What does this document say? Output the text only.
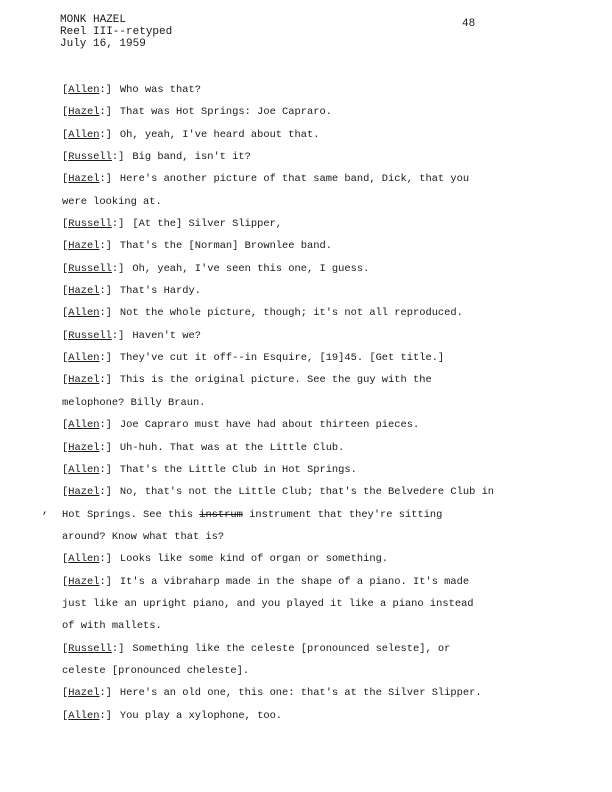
MONK HAZEL
Reel III--retyped
July 16, 1959
48
,
[Allen:] Who was that?
[Hazel:] That was Hot Springs: Joe Capraro.
[Allen:] Oh, yeah, I've heard about that.
[Russell:] Big band, isn't it?
[Hazel:] Here's another picture of that same band, Dick, that you
were looking at.
[Russell:] [At the] Silver Slipper,
[Hazel:] That's the [Norman] Brownlee band.
[Russell:] Oh, yeah, I've seen this one, I guess.
[Hazel:] That's Hardy.
[Allen:] Not the whole picture, though; it's not all reproduced.
[Russell:] Haven't we?
[Allen:] They've cut it off--in Esquire, [19]45. [Get title.]
[Hazel:] This is the original picture. See the guy with the
melophone? Billy Braun.
[Allen:] Joe Capraro must have had about thirteen pieces.
[Hazel:] Uh-huh. That was at the Little Club.
[Allen:] That's the Little Club in Hot Springs.
[Hazel:] No, that's not the Little Club; that's the Belvedere Club in
Hot Springs. See this instrum instrument that they're sitting
around? Know what that is?
[Allen:] Looks like some kind of organ or something.
[Hazel:] It's a vibraharp made in the shape of a piano. It's made
just like an upright piano, and you played it like a piano instead
of with mallets.
[Russell:] Something like the celeste [pronounced seleste], or
celeste [pronounced cheleste].
[Hazel:] Here's an old one, this one: that's at the Silver Slipper.
[Allen:] You play a xylophone, too.
